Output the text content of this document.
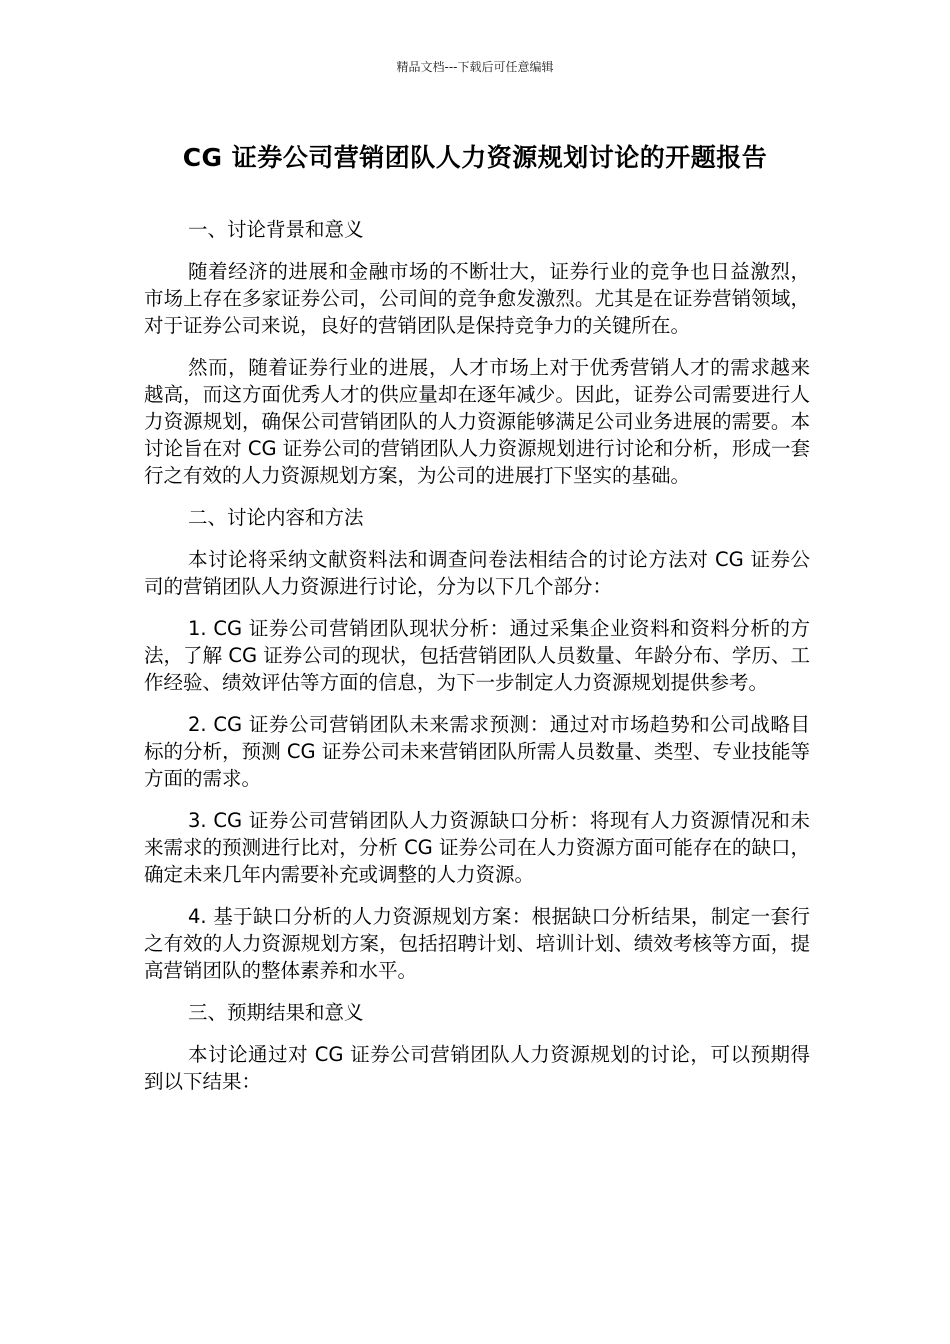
精品文档---下载后可任意编辑
CG 证券公司营销团队人力资源规划讨论的开题报告

一、讨论背景和意义

随着经济的进展和金融市场的不断壮大，证券行业的竞争也日益激烈，市场上存在多家证券公司，公司间的竞争愈发激烈。尤其是在证券营销领域，对于证券公司来说，良好的营销团队是保持竞争力的关键所在。

然而，随着证券行业的进展，人才市场上对于优秀营销人才的需求越来越高，而这方面优秀人才的供应量却在逐年减少。因此，证券公司需要进行人力资源规划，确保公司营销团队的人力资源能够满足公司业务进展的需要。本讨论旨在对 CG 证券公司的营销团队人力资源规划进行讨论和分析，形成一套行之有效的人力资源规划方案，为公司的进展打下坚实的基础。

二、讨论内容和方法

本讨论将采纳文献资料法和调查问卷法相结合的讨论方法对 CG 证券公司的营销团队人力资源进行讨论，分为以下几个部分：

1. CG 证券公司营销团队现状分析：通过采集企业资料和资料分析的方法，了解 CG 证券公司的现状，包括营销团队人员数量、年龄分布、学历、工作经验、绩效评估等方面的信息，为下一步制定人力资源规划提供参考。

2. CG 证券公司营销团队未来需求预测：通过对市场趋势和公司战略目标的分析，预测 CG 证券公司未来营销团队所需人员数量、类型、专业技能等方面的需求。

3. CG 证券公司营销团队人力资源缺口分析：将现有人力资源情况和未来需求的预测进行比对，分析 CG 证券公司在人力资源方面可能存在的缺口，确定未来几年内需要补充或调整的人力资源。

4. 基于缺口分析的人力资源规划方案：根据缺口分析结果，制定一套行之有效的人力资源规划方案，包括招聘计划、培训计划、绩效考核等方面，提高营销团队的整体素养和水平。

三、预期结果和意义

本讨论通过对 CG 证券公司营销团队人力资源规划的讨论，可以预期得到以下结果：
